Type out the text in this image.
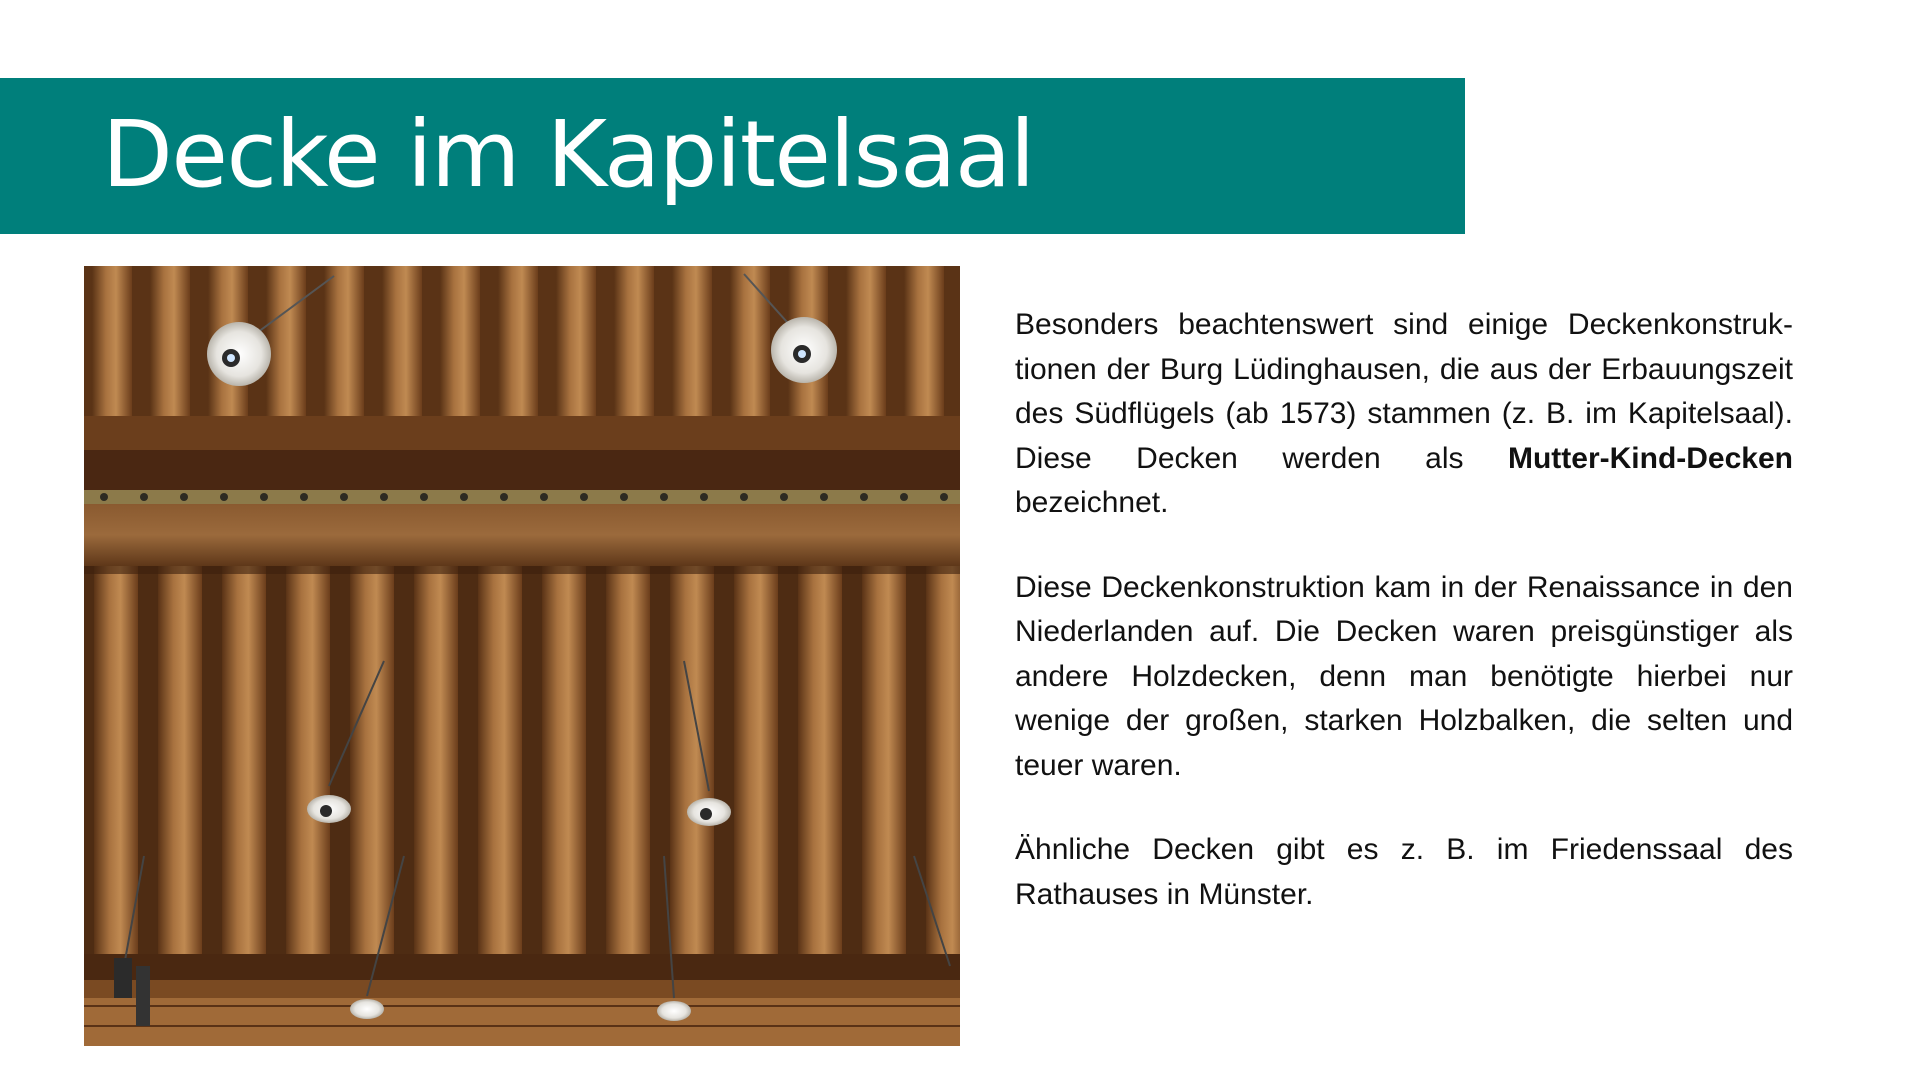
Decke im Kapitelsaal

Besonders beachtenswert sind einige Deckenkonstruk-tionen der Burg Lüdinghausen, die aus der Erbauungszeit des Südflügels (ab 1573) stammen (z. B. im Kapitelsaal). Diese Decken werden als Mutter-Kind-Decken bezeichnet.

Diese Deckenkonstruktion kam in der Renaissance in den Niederlanden auf. Die Decken waren preisgünstiger als andere Holzdecken, denn man benötigte hierbei nur wenige der großen, starken Holzbalken, die selten und teuer waren.

Ähnliche Decken gibt es z. B. im Friedenssaal des Rathauses in Münster.
